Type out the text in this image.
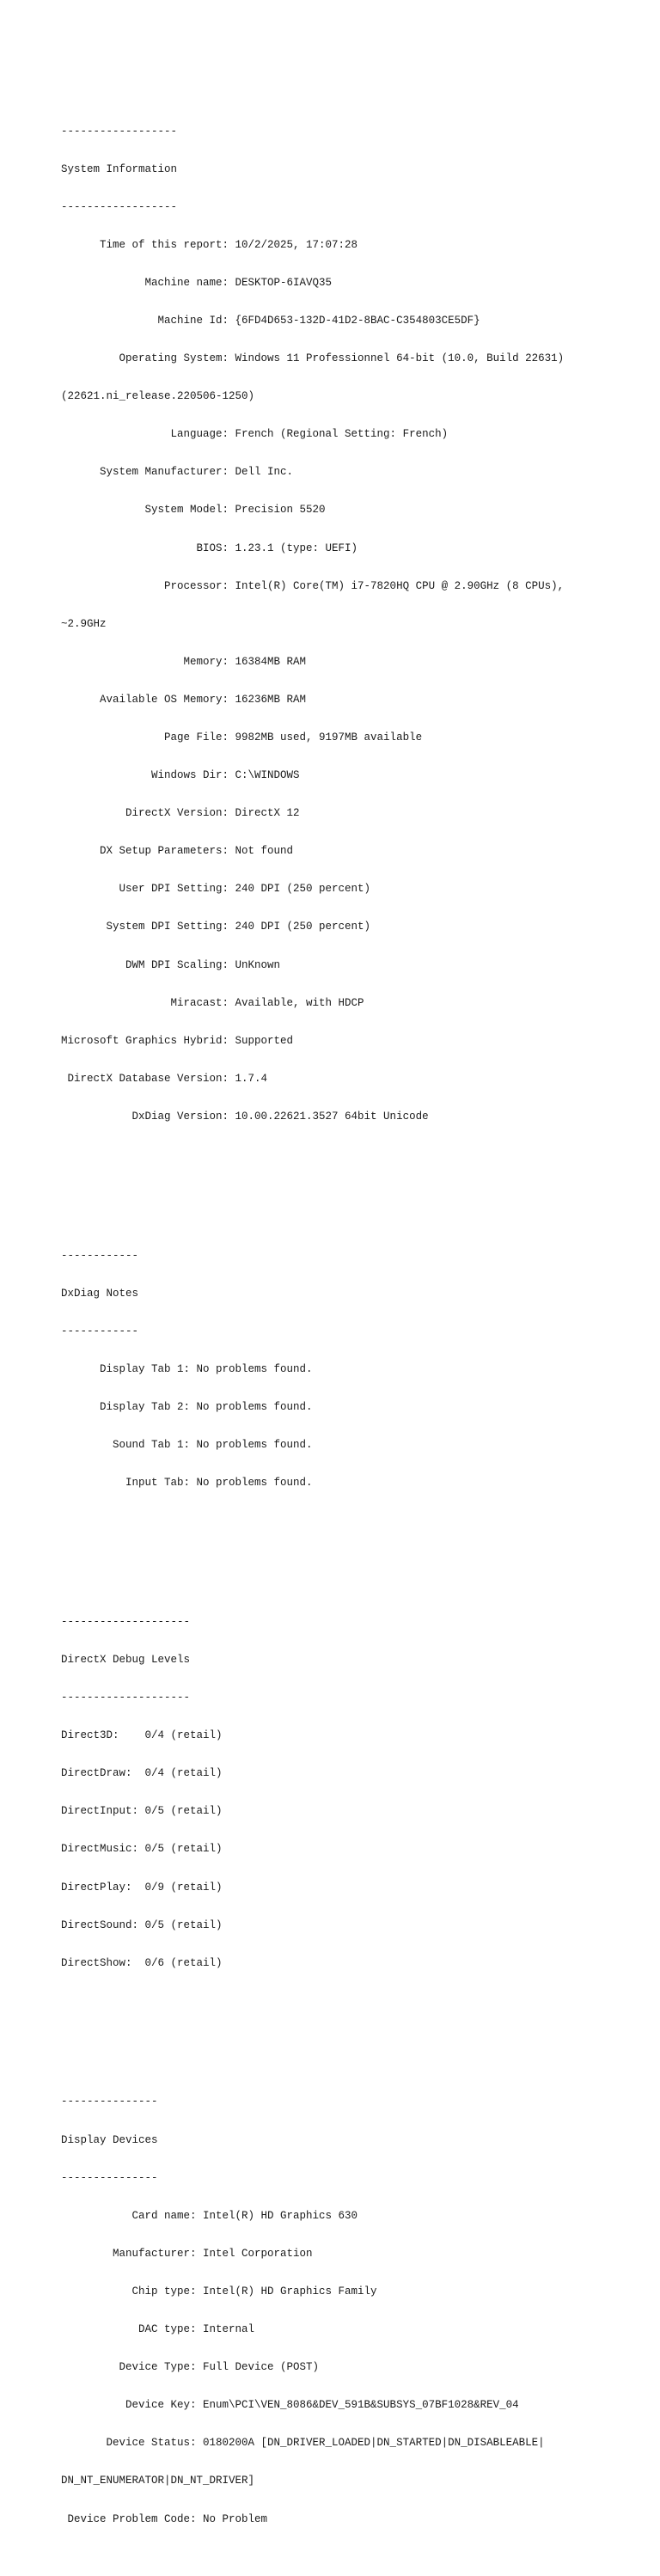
------------------

System Information

------------------

Time of this report: 10/2/2025, 17:07:28

Machine name: DESKTOP-6IAVQ35

Machine Id: {6FD4D653-132D-41D2-8BAC-C354803CE5DF}

Operating System: Windows 11 Professionnel 64-bit (10.0, Build 22631)

(22621.ni_release.220506-1250)

Language: French (Regional Setting: French)

System Manufacturer: Dell Inc.

System Model: Precision 5520

BIOS: 1.23.1 (type: UEFI)

Processor: Intel(R) Core(TM) i7-7820HQ CPU @ 2.90GHz (8 CPUs),

~2.9GHz

Memory: 16384MB RAM

Available OS Memory: 16236MB RAM

Page File: 9982MB used, 9197MB available

Windows Dir: C:\WINDOWS

DirectX Version: DirectX 12

DX Setup Parameters: Not found

User DPI Setting: 240 DPI (250 percent)

System DPI Setting: 240 DPI (250 percent)

DWM DPI Scaling: UnKnown

Miracast: Available, with HDCP

Microsoft Graphics Hybrid: Supported

DirectX Database Version: 1.7.4

DxDiag Version: 10.00.22621.3527 64bit Unicode

------------

DxDiag Notes

------------

Display Tab 1: No problems found.

Display Tab 2: No problems found.

Sound Tab 1: No problems found.

Input Tab: No problems found.

--------------------

DirectX Debug Levels

--------------------

Direct3D:    0/4 (retail)

DirectDraw:  0/4 (retail)

DirectInput: 0/5 (retail)

DirectMusic: 0/5 (retail)

DirectPlay:  0/9 (retail)

DirectSound: 0/5 (retail)

DirectShow:  0/6 (retail)

---------------

Display Devices

---------------

Card name: Intel(R) HD Graphics 630

Manufacturer: Intel Corporation

Chip type: Intel(R) HD Graphics Family

DAC type: Internal

Device Type: Full Device (POST)

Device Key: Enum\PCI\VEN_8086&DEV_591B&SUBSYS_07BF1028&REV_04

Device Status: 0180200A [DN_DRIVER_LOADED|DN_STARTED|DN_DISABLEABLE|

DN_NT_ENUMERATOR|DN_NT_DRIVER]

Device Problem Code: No Problem
